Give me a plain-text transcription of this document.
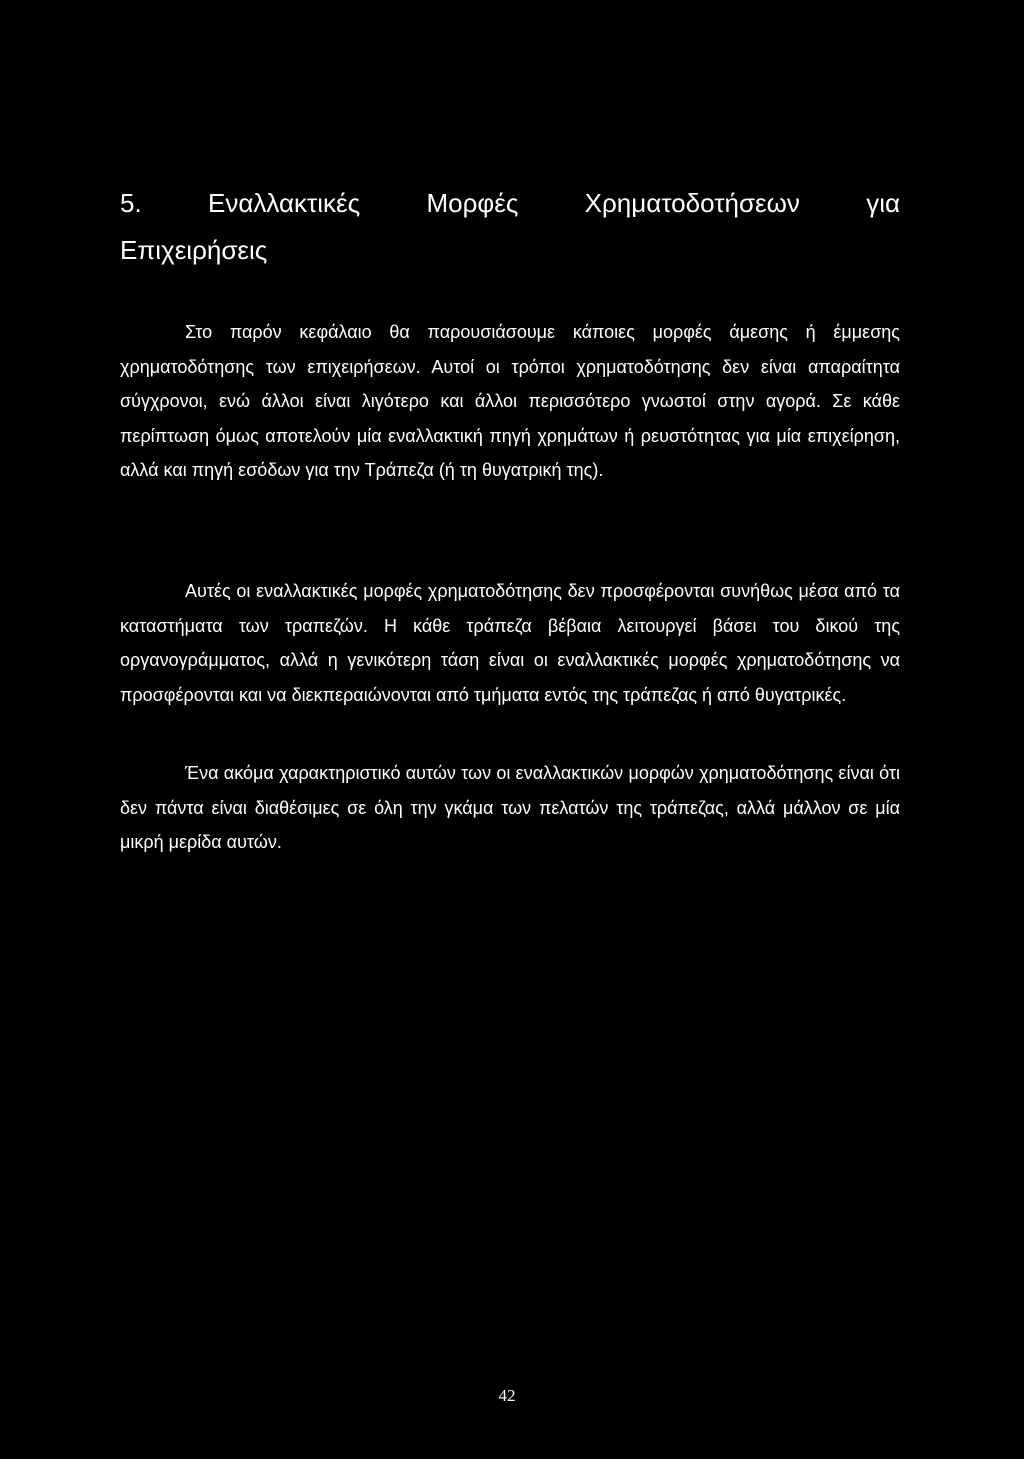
5. Εναλλακτικές Μορφές Χρηματοδοτήσεων για

Επιχειρήσεις

Στο παρόν κεφάλαιο θα παρουσιάσουμε κάποιες μορφές άμεσης ή έμμεσης χρηματοδότησης των επιχειρήσεων. Αυτοί οι τρόποι χρηματοδότησης δεν είναι απαραίτητα σύγχρονοι, ενώ άλλοι είναι λιγότερο και άλλοι περισσότερο γνωστοί στην αγορά. Σε κάθε περίπτωση όμως αποτελούν μία εναλλακτική πηγή χρημάτων ή ρευστότητας για μία επιχείρηση, αλλά και πηγή εσόδων για την Τράπεζα (ή τη θυγατρική της).

Αυτές οι εναλλακτικές μορφές χρηματοδότησης δεν προσφέρονται συνήθως μέσα από τα καταστήματα των τραπεζών. Η κάθε τράπεζα βέβαια λειτουργεί βάσει του δικού της οργανογράμματος, αλλά η γενικότερη τάση είναι οι εναλλακτικές μορφές χρηματοδότησης να προσφέρονται και να διεκπεραιώνονται από τμήματα εντός της τράπεζας ή από θυγατρικές.

Ένα ακόμα χαρακτηριστικό αυτών των οι εναλλακτικών μορφών χρηματοδότησης είναι ότι δεν πάντα είναι διαθέσιμες σε όλη την γκάμα των πελατών της τράπεζας, αλλά μάλλον σε μία μικρή μερίδα αυτών.

42
